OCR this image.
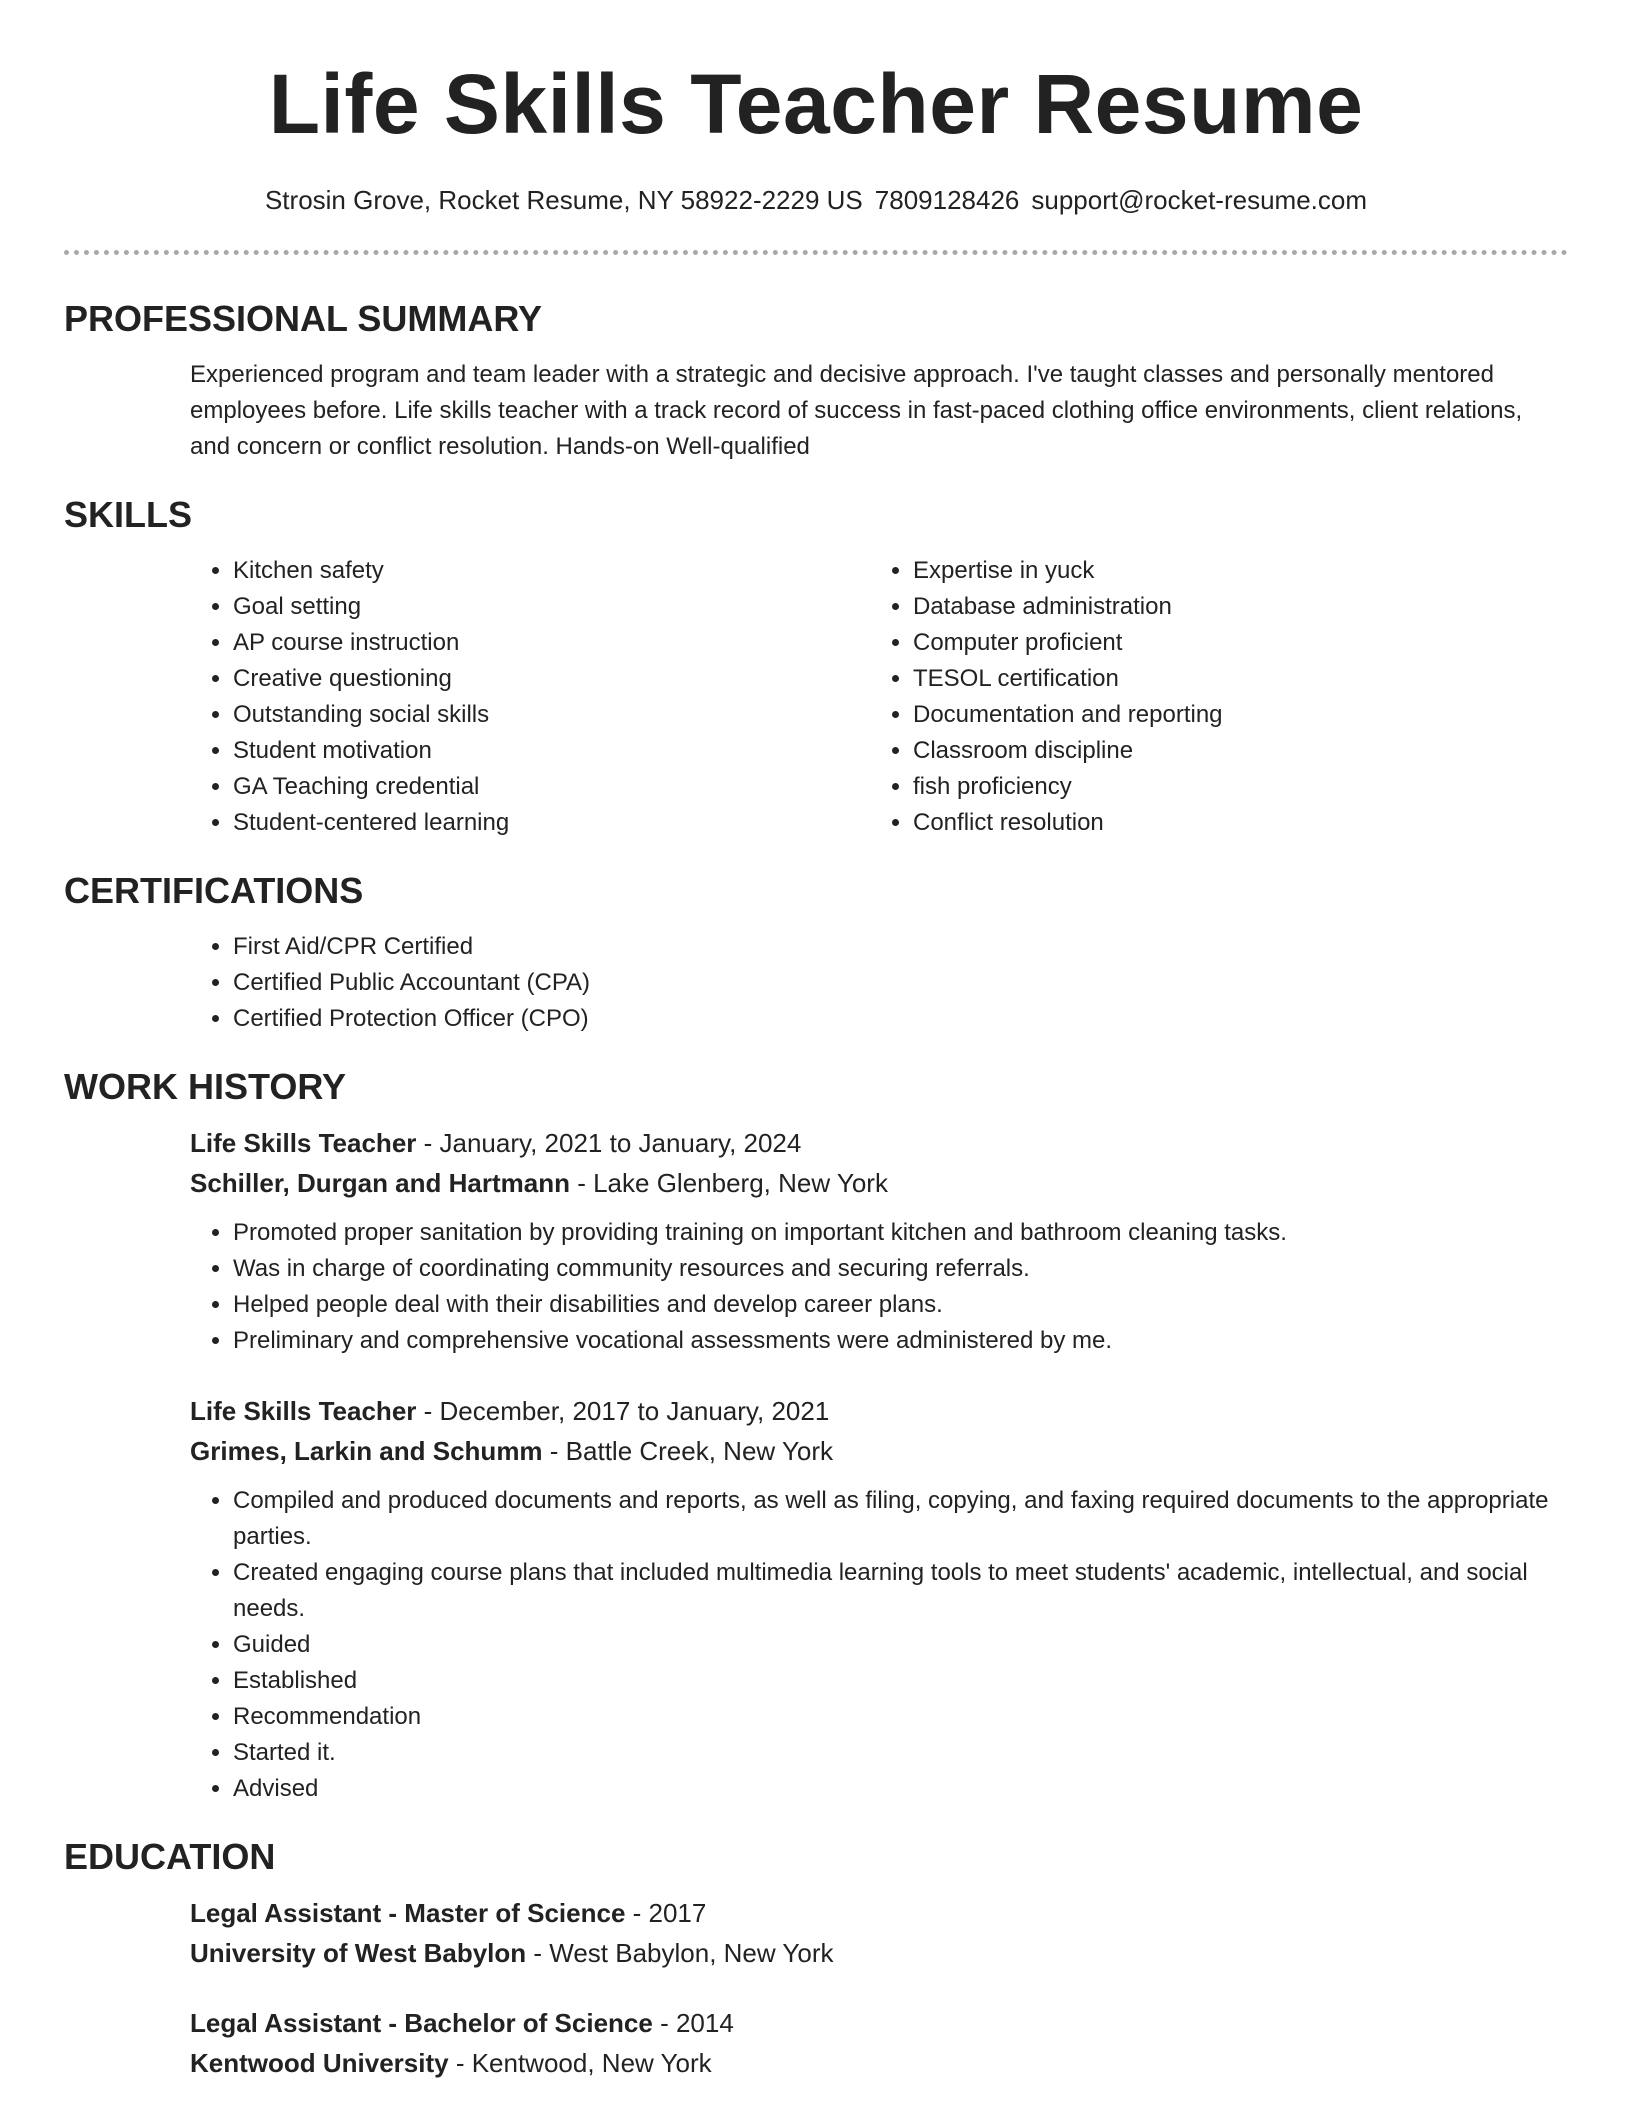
Life Skills Teacher Resume
Strosin Grove, Rocket Resume, NY 58922-2229 US 7809128426 support@rocket-resume.com
PROFESSIONAL SUMMARY

Experienced program and team leader with a strategic and decisive approach. I've taught classes and personally mentored employees before. Life skills teacher with a track record of success in fast-paced clothing office environments, client relations, and concern or conflict resolution. Hands-on Well-qualified

SKILLS
• Kitchen safety
• Goal setting
• AP course instruction
• Creative questioning
• Outstanding social skills
• Student motivation
• GA Teaching credential
• Student-centered learning
• Expertise in yuck
• Database administration
• Computer proficient
• TESOL certification
• Documentation and reporting
• Classroom discipline
• fish proficiency
• Conflict resolution
CERTIFICATIONS
• First Aid/CPR Certified
• Certified Public Accountant (CPA)
• Certified Protection Officer (CPO)
WORK HISTORY
Life Skills Teacher - January, 2021 to January, 2024
Schiller, Durgan and Hartmann - Lake Glenberg, New York
• Promoted proper sanitation by providing training on important kitchen and bathroom cleaning tasks.
• Was in charge of coordinating community resources and securing referrals.
• Helped people deal with their disabilities and develop career plans.
• Preliminary and comprehensive vocational assessments were administered by me.
Life Skills Teacher - December, 2017 to January, 2021
Grimes, Larkin and Schumm - Battle Creek, New York
• Compiled and produced documents and reports, as well as filing, copying, and faxing required documents to the appropriate parties.
• Created engaging course plans that included multimedia learning tools to meet students' academic, intellectual, and social needs.
• Guided
• Established
• Recommendation
• Started it.
• Advised
EDUCATION
Legal Assistant - Master of Science - 2017
University of West Babylon - West Babylon, New York
Legal Assistant - Bachelor of Science - 2014
Kentwood University - Kentwood, New York
